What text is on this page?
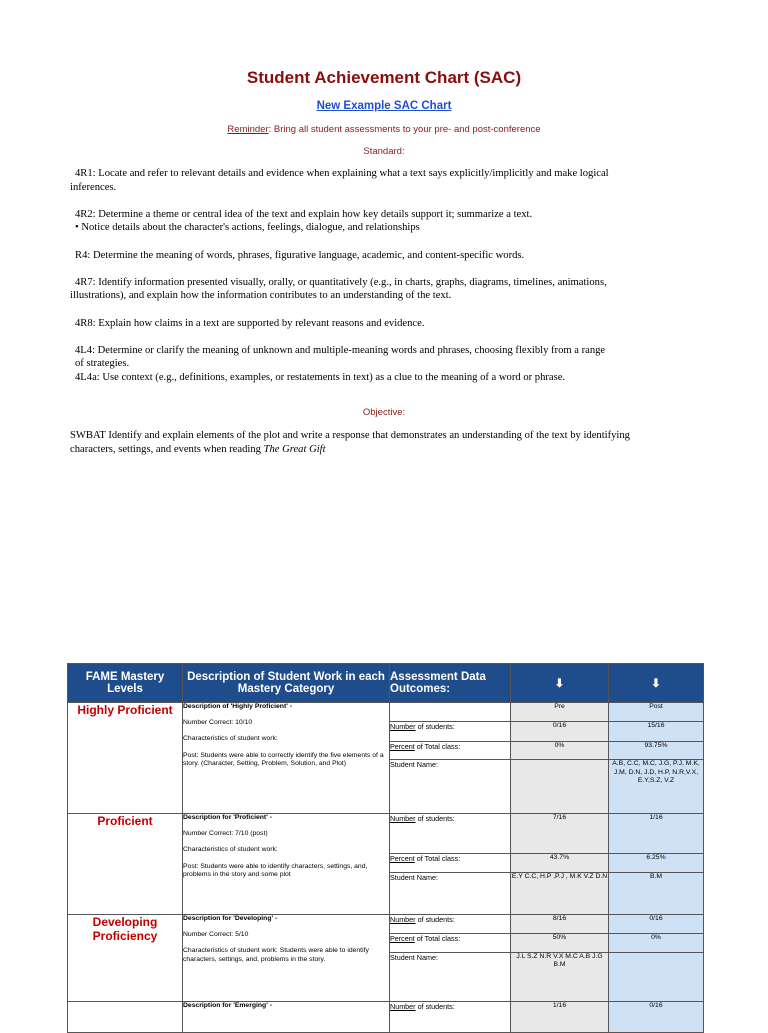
Student Achievement Chart (SAC)
New Example SAC Chart
Reminder: Bring all student assessments to your pre- and post-conference
Standard:

4R1: Locate and refer to relevant details and evidence when explaining what a text says explicitly/implicitly and make logical
inferences.

4R2: Determine a theme or central idea of the text and explain how key details support it; summarize a text.
• Notice details about the character's actions, feelings, dialogue, and relationships

R4: Determine the meaning of words, phrases, figurative language, academic, and content-specific words.

4R7: Identify information presented visually, orally, or quantitatively (e.g., in charts, graphs, diagrams, timelines, animations,
illustrations), and explain how the information contributes to an understanding of the text.

4R8: Explain how claims in a text are supported by relevant reasons and evidence.

4L4: Determine or clarify the meaning of unknown and multiple-meaning words and phrases, choosing flexibly from a range
of strategies.
4L4a: Use context (e.g., definitions, examples, or restatements in text) as a clue to the meaning of a word or phrase.

Objective:
SWBAT Identify and explain elements of the plot and write a response that demonstrates an understanding of the text by identifying
characters, settings, and events when reading The Great Gift
FAME Mastery Levels	Description of Student Work in each Mastery Category	Assessment Data Outcomes:	⬇	⬇
Highly Proficient	Description of 'Highly Proficient' -
Number Correct: 10/10
Characteristics of student work:
Post: Students were able to correctly identify the five elements of a story. (Character, Setting, Problem, Solution, and Plot)		Pre	Post
		Number of students:	0/16	15/16
		Percent of Total class:	0%	93.75%
		Student Name:		A.B, C.C, M.C, J.G, P.J, M.K, J.M, D.N, J.D, H.P, N.R,V.X, E.Y,S.Z, V.Z
Proficient	Description for 'Proficient' -
Number Correct: 7/10 (post)
Characteristics of student work:
Post: Students were able to identify characters, settings, and, problems in the story and some plot	Number of students:	7/16	1/16
		Percent of Total class:	43.7%	6.25%
		Student Name:	E.Y C.C, H.P ,P.J , M.K V.Z D.N	B.M
Developing Proficiency	Description for 'Developing' -
Number Correct: 5/10
Characteristics of student work: Students were able to identify characters, settings, and, problems in the story.	Number of students:	8/16	0/16
		Percent of Total class:	50%	0%
		Student Name:	J.L S.Z N.R V.X M.C A.B J.G B.M	

	Description for 'Emerging' -	Number of students:	1/16	0/16
